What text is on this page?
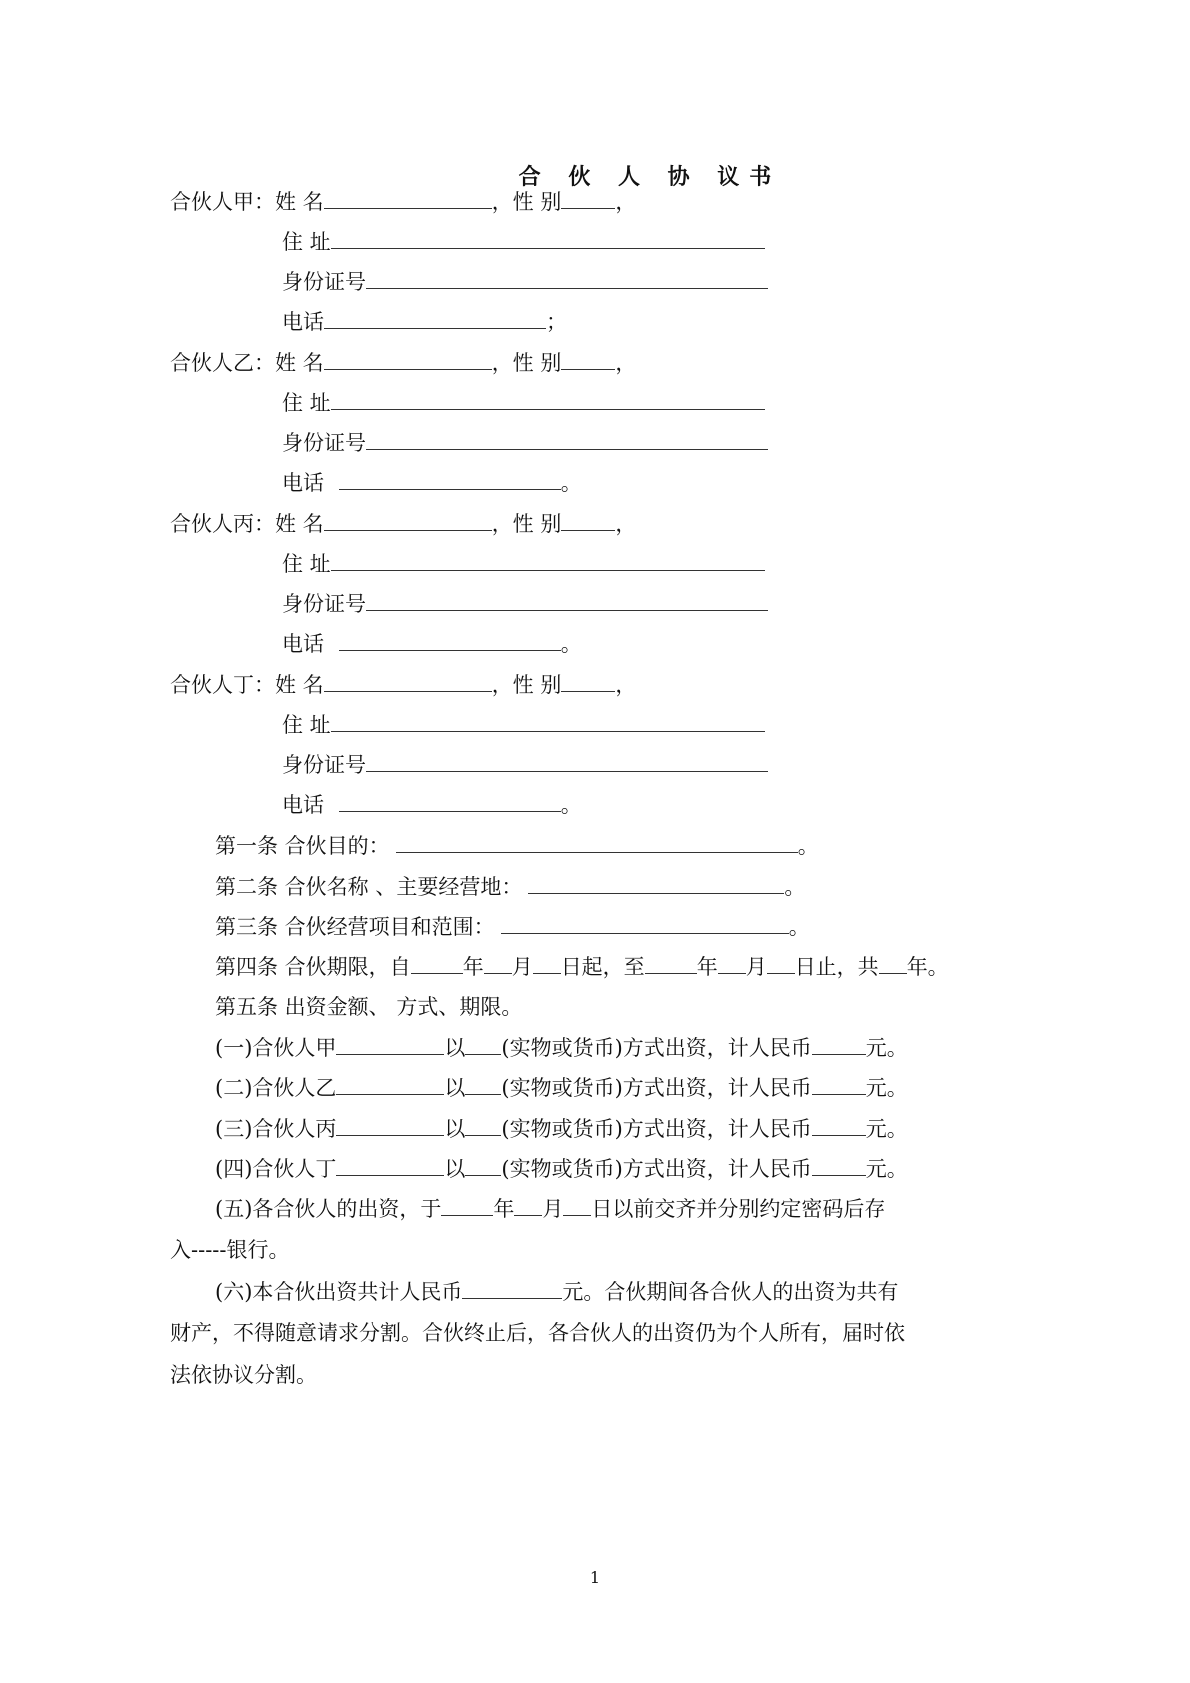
合 伙 人 协 议书
合伙人甲：姓 名	，性 别	，
住 址
身份证号
电话	；
合伙人乙：姓 名	，性 别	，
住 址
身份证号
电话	。
合伙人丙：姓 名	，性 别	，
住 址
身份证号
电话	。
合伙人丁：姓 名	，性 别	，
住 址
身份证号
电话	。
第一条 合伙目的：	。
第二条 合伙名称 、主要经营地：	。
第三条 合伙经营项目和范围：	。
第四条 合伙期限，自 年 月 日起，至 年 月 日止，共 年。
第五条 出资金额、 方式、期限。
(一)合伙人甲	以 (实物或货币)方式出资，计人民币	元。
(二)合伙人乙	以 (实物或货币)方式出资，计人民币	元。
(三)合伙人丙	以 (实物或货币)方式出资，计人民币	元。
(四)合伙人丁	以 (实物或货币)方式出资，计人民币	元。
(五)各合伙人的出资，于 年 月 日以前交齐并分别约定密码后存
入-----银行。
(六)本合伙出资共计人民币	元。合伙期间各合伙人的出资为共有
财产，不得随意请求分割。合伙终止后，各合伙人的出资仍为个人所有，届时依
法依协议分割。
1
